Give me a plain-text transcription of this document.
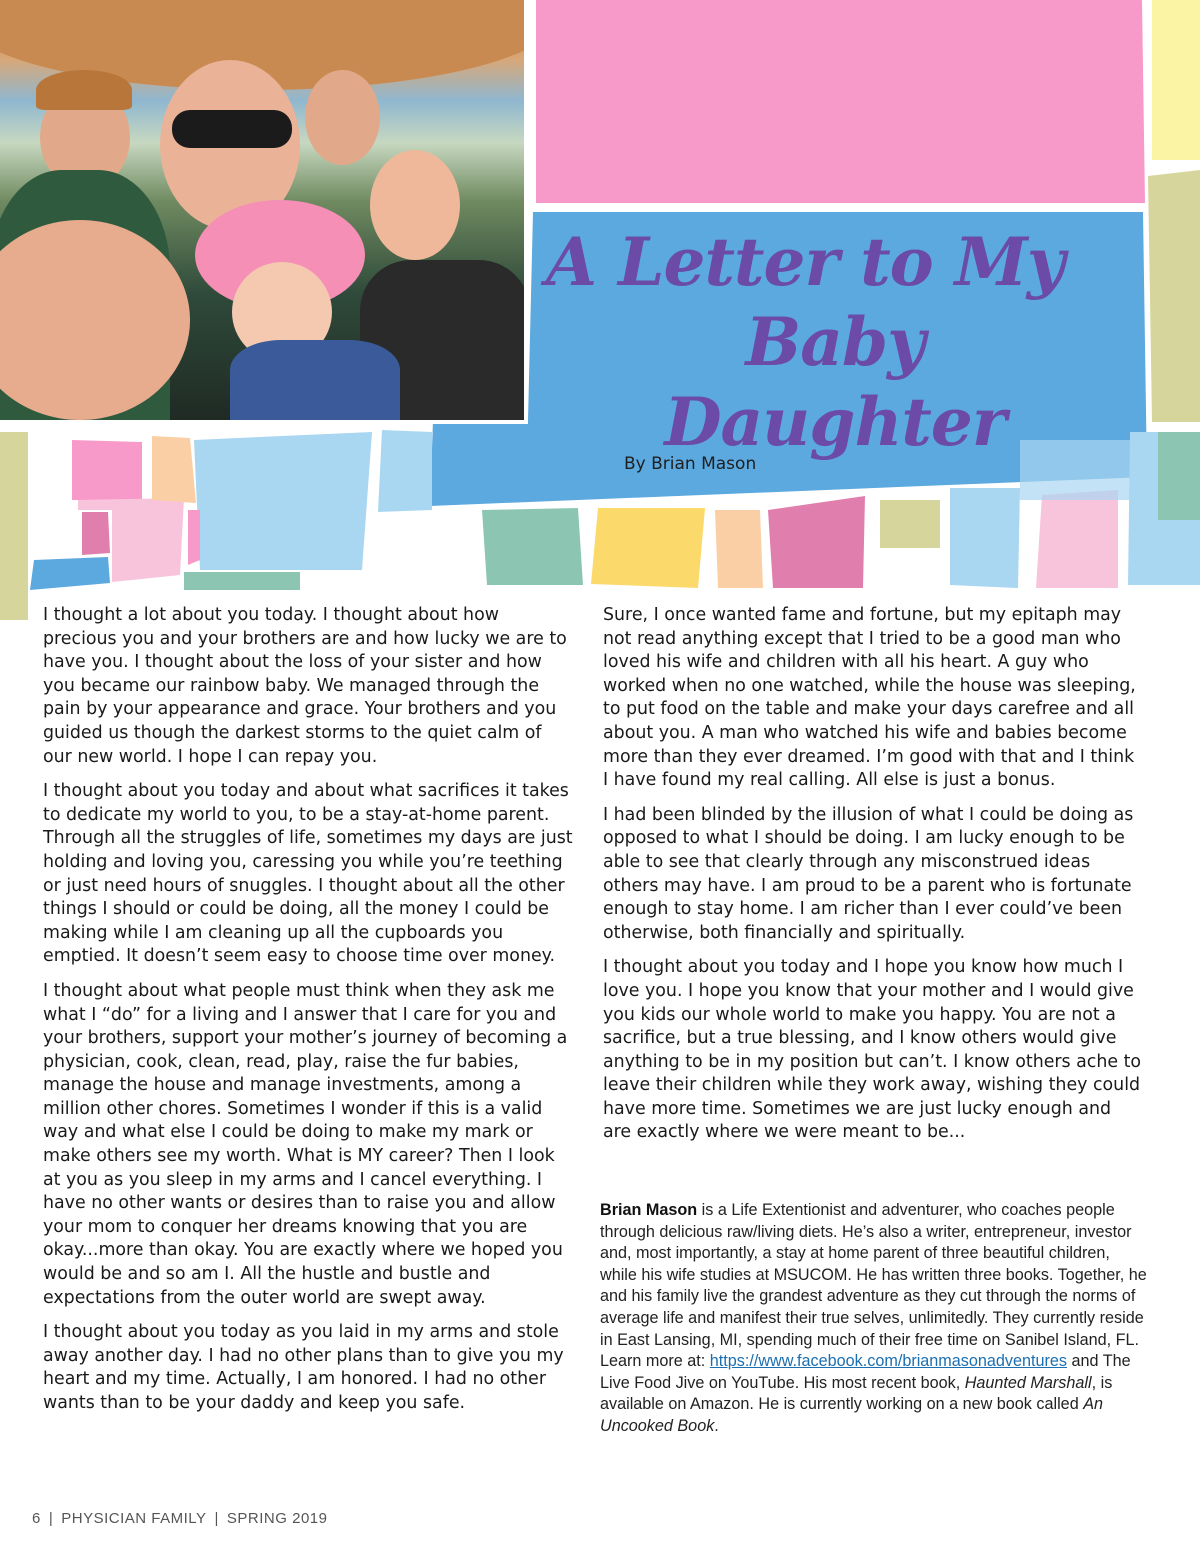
A Letter to My
Baby Daughter
By Brian Mason

I thought a lot about you today. I thought about how precious you and your brothers are and how lucky we are to have you. I thought about the loss of your sister and how you became our rainbow baby. We managed through the pain by your appearance and grace. Your brothers and you guided us though the darkest storms to the quiet calm of our new world. I hope I can repay you.

I thought about you today and about what sacrifices it takes to dedicate my world to you, to be a stay-at-home parent. Through all the struggles of life, sometimes my days are just holding and loving you, caressing you while you’re teething or just need hours of snuggles. I thought about all the other things I should or could be doing, all the money I could be making while I am cleaning up all the cupboards you emptied. It doesn’t seem easy to choose time over money.

I thought about what people must think when they ask me what I “do” for a living and I answer that I care for you and your brothers, support your mother’s journey of becoming a physician, cook, clean, read, play, raise the fur babies, manage the house and manage investments, among a million other chores. Sometimes I wonder if this is a valid way and what else I could be doing to make my mark or make others see my worth. What is MY career? Then I look at you as you sleep in my arms and I cancel everything. I have no other wants or desires than to raise you and allow your mom to conquer her dreams knowing that you are okay...more than okay. You are exactly where we hoped you would be and so am I. All the hustle and bustle and expectations from the outer world are swept away.

I thought about you today as you laid in my arms and stole away another day. I had no other plans than to give you my heart and my time. Actually, I am honored. I had no other wants than to be your daddy and keep you safe.

Sure, I once wanted fame and fortune, but my epitaph may not read anything except that I tried to be a good man who loved his wife and children with all his heart. A guy who worked when no one watched, while the house was sleeping, to put food on the table and make your days carefree and all about you. A man who watched his wife and babies become more than they ever dreamed. I’m good with that and I think I have found my real calling. All else is just a bonus.

I had been blinded by the illusion of what I could be doing as opposed to what I should be doing. I am lucky enough to be able to see that clearly through any misconstrued ideas others may have. I am proud to be a parent who is fortunate enough to stay home. I am richer than I ever could’ve been otherwise, both financially and spiritually.

I thought about you today and I hope you know how much I love you. I hope you know that your mother and I would give you kids our whole world to make you happy. You are not a sacrifice, but a true blessing, and I know others would give anything to be in my position but can’t. I know others ache to leave their children while they work away, wishing they could have more time. Sometimes we are just lucky enough and are exactly where we were meant to be...

Brian Mason is a Life Extentionist and adventurer, who coaches people through delicious raw/living diets. He’s also a writer, entrepreneur, investor and, most importantly, a stay at home parent of three beautiful children, while his wife studies at MSUCOM. He has written three books. Together, he and his family live the grandest adventure as they cut through the norms of average life and manifest their true selves, unlimitedly. They currently reside in East Lansing, MI, spending much of their free time on Sanibel Island, FL. Learn more at: https://www.facebook.com/brianmasonadventures and The Live Food Jive on YouTube. His most recent book, Haunted Marshall, is available on Amazon. He is currently working on a new book called An Uncooked Book.
6 | PHYSICIAN FAMILY | SPRING 2019
